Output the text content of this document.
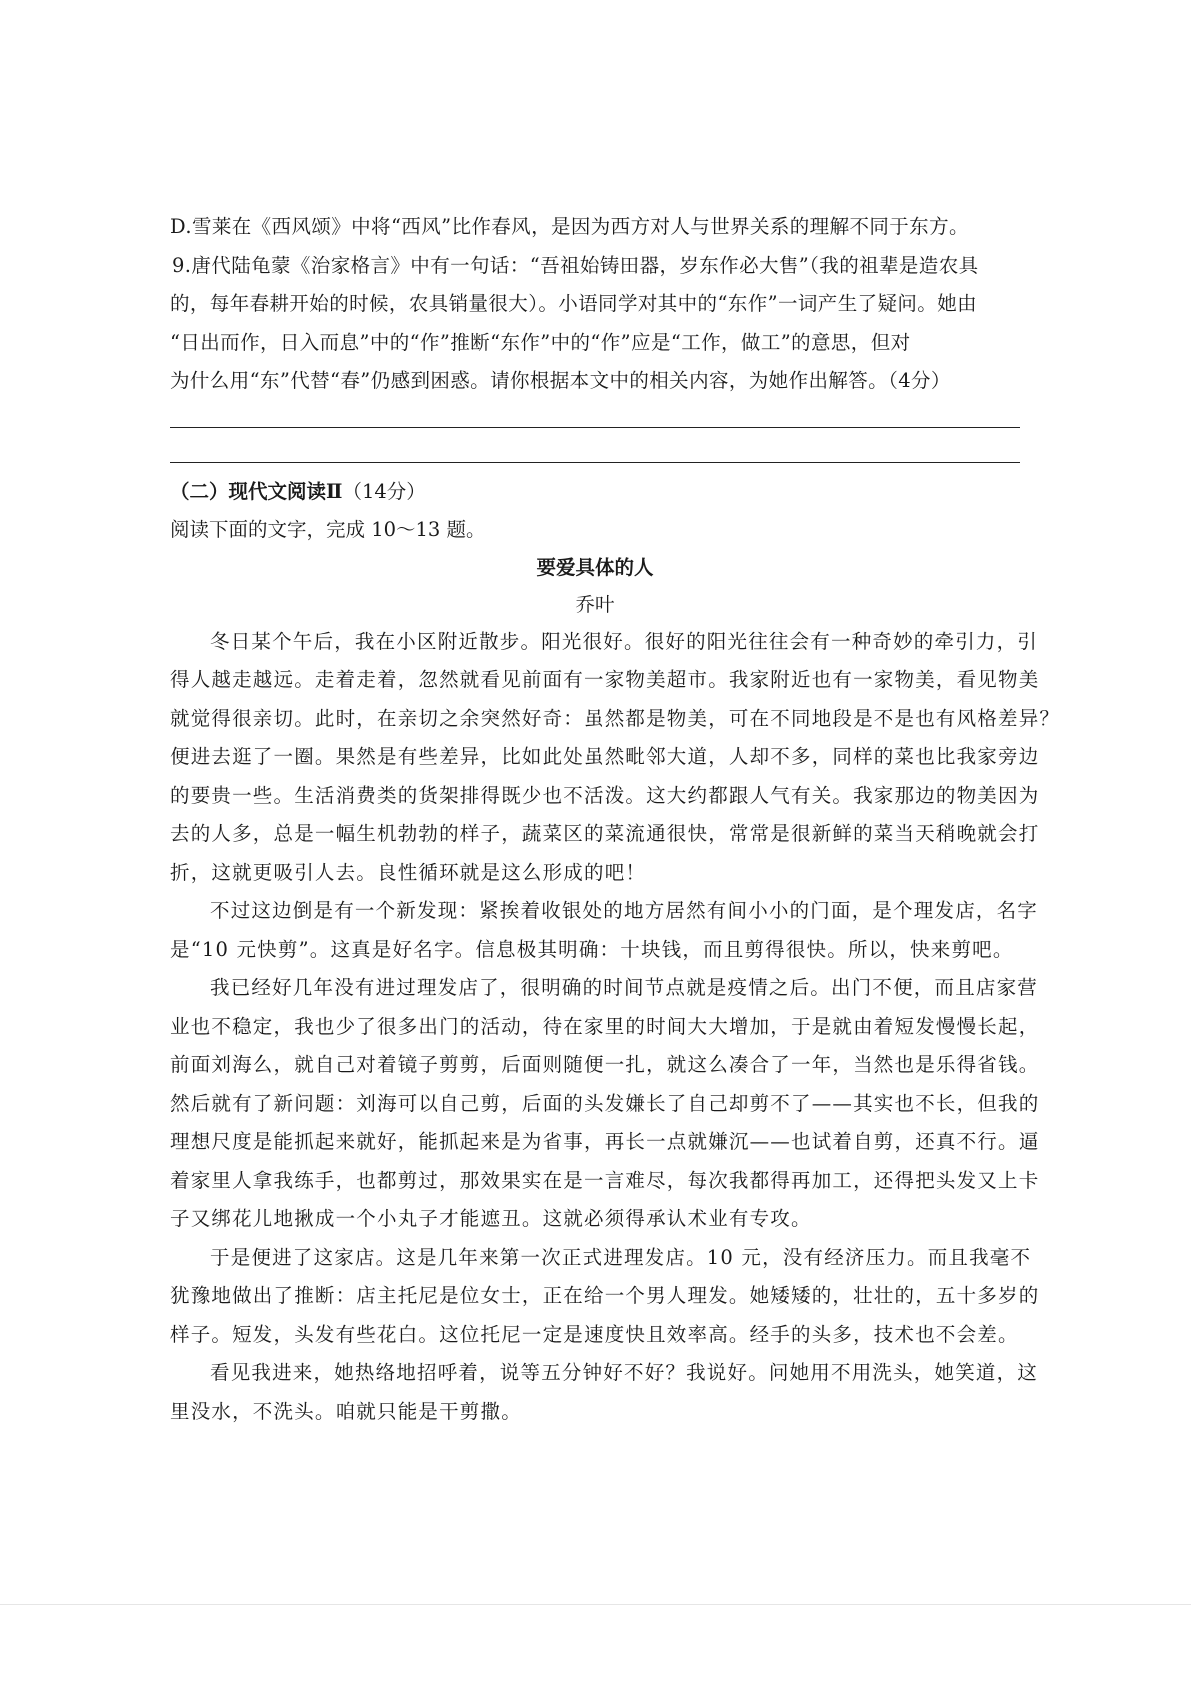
D.雪莱在《西风颂》中将“西风”比作春风，是因为西方对人与世界关系的理解不同于东方。

9.唐代陆龟蒙《治家格言》中有一句话：“吾祖始铸田器，岁东作必大售”（我的祖辈是造农具

的，每年春耕开始的时候，农具销量很大）。小语同学对其中的“东作”一词产生了疑问。她由

“日出而作，日入而息”中的“作”推断“东作”中的“作”应是“工作，做工”的意思，但对

为什么用“东”代替“春”仍感到困惑。请你根据本文中的相关内容，为她作出解答。（4分）

（二）现代文阅读Ⅱ（14分）

阅读下面的文字，完成 10～13 题。

要爱具体的人

乔叶

冬日某个午后，我在小区附近散步。阳光很好。很好的阳光往往会有一种奇妙的牵引力，引

得人越走越远。走着走着，忽然就看见前面有一家物美超市。我家附近也有一家物美，看见物美

就觉得很亲切。此时，在亲切之余突然好奇：虽然都是物美，可在不同地段是不是也有风格差异？

便进去逛了一圈。果然是有些差异，比如此处虽然毗邻大道，人却不多，同样的菜也比我家旁边

的要贵一些。生活消费类的货架排得既少也不活泼。这大约都跟人气有关。我家那边的物美因为

去的人多，总是一幅生机勃勃的样子，蔬菜区的菜流通很快，常常是很新鲜的菜当天稍晚就会打

折，这就更吸引人去。良性循环就是这么形成的吧！

不过这边倒是有一个新发现：紧挨着收银处的地方居然有间小小的门面，是个理发店，名字

是“10 元快剪”。这真是好名字。信息极其明确：十块钱，而且剪得很快。所以，快来剪吧。

我已经好几年没有进过理发店了，很明确的时间节点就是疫情之后。出门不便，而且店家营

业也不稳定，我也少了很多出门的活动，待在家里的时间大大增加，于是就由着短发慢慢长起，

前面刘海么，就自己对着镜子剪剪，后面则随便一扎，就这么凑合了一年，当然也是乐得省钱。

然后就有了新问题：刘海可以自己剪，后面的头发嫌长了自己却剪不了——其实也不长，但我的

理想尺度是能抓起来就好，能抓起来是为省事，再长一点就嫌沉——也试着自剪，还真不行。逼

着家里人拿我练手，也都剪过，那效果实在是一言难尽，每次我都得再加工，还得把头发又上卡

子又绑花儿地揪成一个小丸子才能遮丑。这就必须得承认术业有专攻。

于是便进了这家店。这是几年来第一次正式进理发店。10 元，没有经济压力。而且我毫不

犹豫地做出了推断：店主托尼是位女士，正在给一个男人理发。她矮矮的，壮壮的，五十多岁的

样子。短发，头发有些花白。这位托尼一定是速度快且效率高。经手的头多，技术也不会差。

看见我进来，她热络地招呼着，说等五分钟好不好？我说好。问她用不用洗头，她笑道，这

里没水，不洗头。咱就只能是干剪撒。
